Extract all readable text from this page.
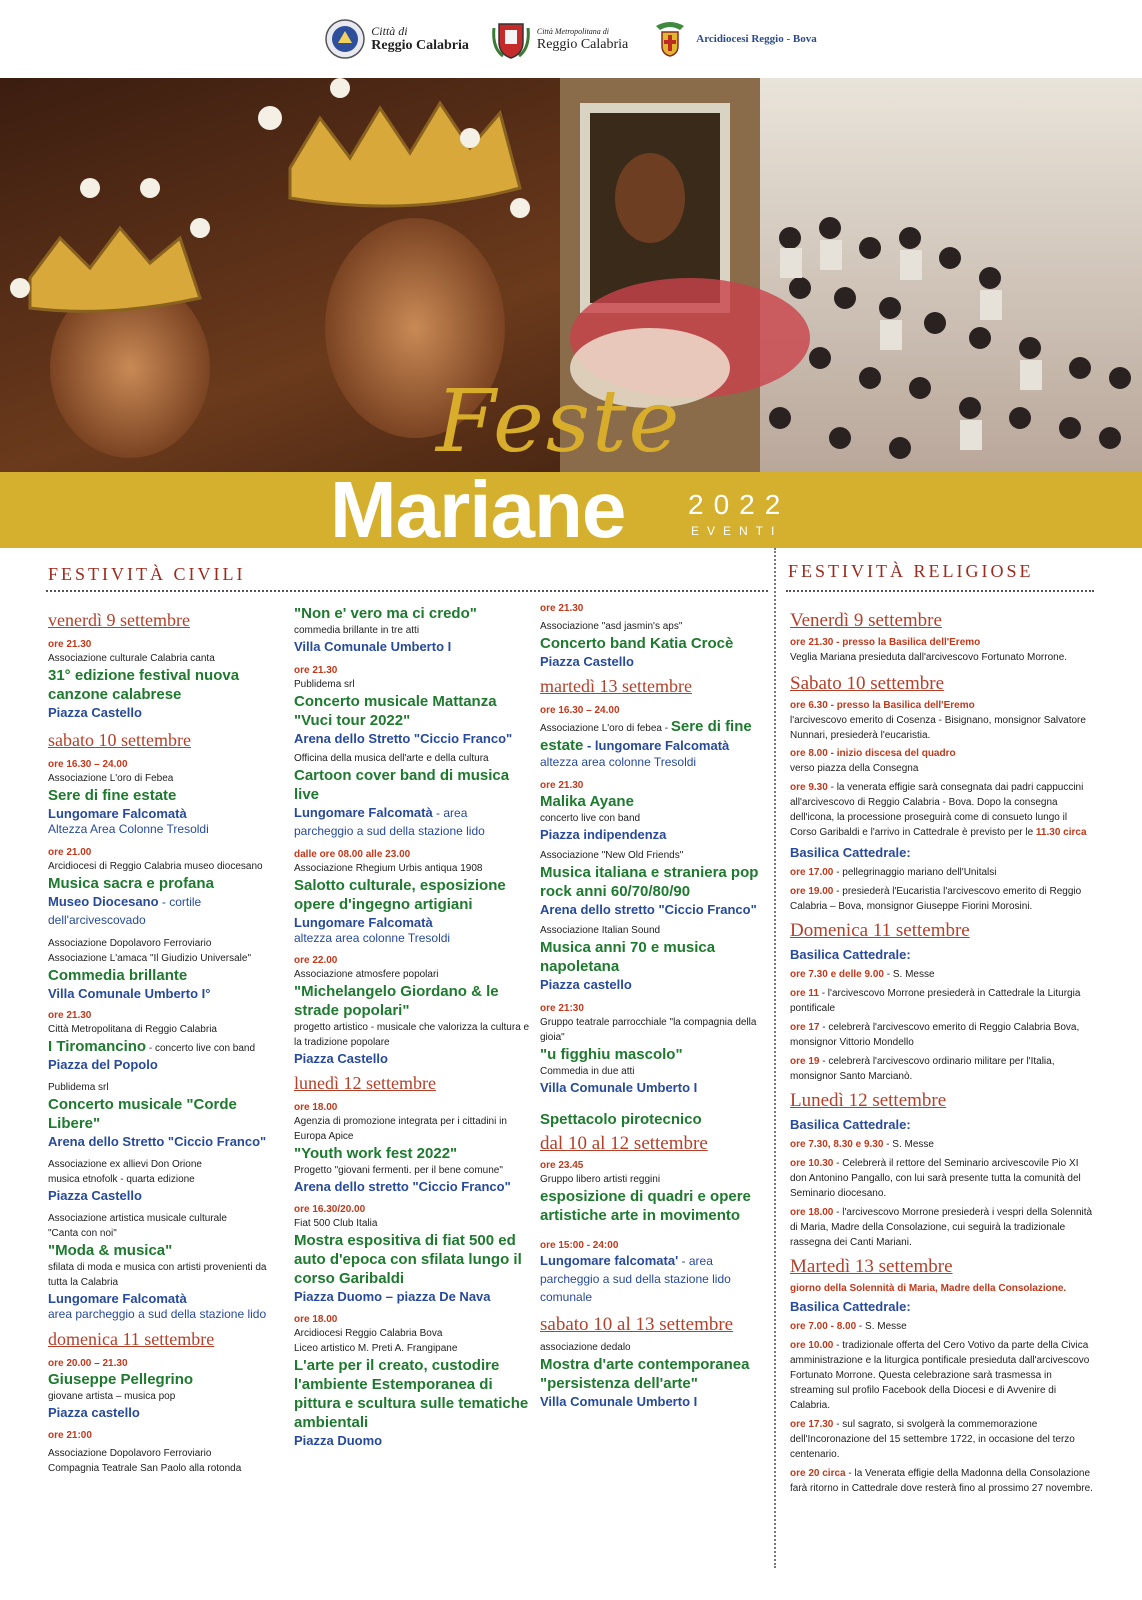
Città di
Reggio Calabria
Città Metropolitana di
Reggio Calabria	Arcidiocesi Reggio - Bova
Feste
Mariane 2022
EVENTI
FESTIVITÀ CIVILI	FESTIVITÀ RELIGIOSE
venerdì 9 settembre
ore 21.30
Associazione culturale Calabria canta
31° edizione festival nuova canzone calabrese
Piazza Castello
sabato 10 settembre
ore 16.30 – 24.00
Associazione L'oro di Febea
Sere di fine estate
Lungomare Falcomatà
Altezza Area Colonne Tresoldi
ore 21.00
Arcidiocesi di Reggio Calabria museo diocesano
Musica sacra e profana
Museo Diocesano - cortile dell'arcivescovado
Associazione Dopolavoro Ferroviario
Associazione L'amaca "Il Giudizio Universale"
Commedia brillante
Villa Comunale Umberto I°
ore 21.30
Città Metropolitana di Reggio Calabria
I Tiromancino - concerto live con band
Piazza del Popolo
Publidema srl
Concerto musicale "Corde Libere"
Arena dello Stretto "Ciccio Franco"
Associazione ex allievi Don Orione
musica etnofolk - quarta edizione
Piazza Castello
Associazione artistica musicale culturale
"Canta con noi"
"Moda & musica"
sfilata di moda e musica con artisti provenienti da tutta la Calabria
Lungomare Falcomatà
area parcheggio a sud della stazione lido
domenica 11 settembre
ore 20.00 – 21.30
Giuseppe Pellegrino
giovane artista – musica pop
Piazza castello
ore 21:00
Associazione Dopolavoro Ferroviario
Compagnia Teatrale San Paolo alla rotonda
"Non e' vero ma ci credo"
commedia brillante in tre atti
Villa Comunale Umberto I
ore 21.30
Publidema srl
Concerto musicale Mattanza "Vuci tour 2022"
Arena dello Stretto "Ciccio Franco"
Officina della musica dell'arte e della cultura
Cartoon cover band di musica live
Lungomare Falcomatà - area parcheggio a sud della stazione lido
dalle ore 08.00 alle 23.00
Associazione Rhegium Urbis antiqua 1908
Salotto culturale, esposizione opere d'ingegno artigiani
Lungomare Falcomatà
altezza area colonne Tresoldi
ore 22.00
Associazione atmosfere popolari
"Michelangelo Giordano & le strade popolari"
progetto artistico - musicale che valorizza la cultura e la tradizione popolare
Piazza Castello
lunedì 12 settembre
ore 18.00
Agenzia di promozione integrata per i cittadini in Europa Apice
"Youth work fest 2022"
Progetto "giovani fermenti. per il bene comune"
Arena dello stretto "Ciccio Franco"
ore 16.30/20.00
Fiat 500 Club Italia
Mostra espositiva di fiat 500 ed auto d'epoca con sfilata lungo il corso Garibaldi
Piazza Duomo – piazza De Nava
ore 18.00
Arcidiocesi Reggio Calabria Bova
Liceo artistico M. Preti A. Frangipane
L'arte per il creato, custodire l'ambiente Estemporanea di pittura e scultura sulle tematiche ambientali
Piazza Duomo
ore 21.30
Associazione "asd jasmin's aps"
Concerto band Katia Crocè
Piazza Castello
martedì 13 settembre
ore 16.30 – 24.00
Associazione L'oro di febea - Sere di fine estate - lungomare Falcomatà
altezza area colonne Tresoldi
ore 21.30
Malika Ayane
concerto live con band
Piazza indipendenza
Associazione "New Old Friends"
Musica italiana e straniera pop rock anni 60/70/80/90
Arena dello stretto "Ciccio Franco"
Associazione Italian Sound
Musica anni 70 e musica napoletana
Piazza castello
ore 21:30
Gruppo teatrale parrocchiale "la compagnia della gioia"
"u figghiu mascolo"
Commedia in due atti
Villa Comunale Umberto I
Spettacolo pirotecnico
dal 10 al 12 settembre
ore 23.45
Gruppo libero artisti reggini
esposizione di quadri e opere artistiche arte in movimento
ore 15:00 - 24:00
Lungomare falcomata' - area parcheggio a sud della stazione lido comunale
sabato 10 al 13 settembre
associazione dedalo
Mostra d'arte contemporanea "persistenza dell'arte"
Villa Comunale Umberto I
Venerdì 9 settembre
ore 21.30 - presso la Basilica dell'Eremo
Veglia Mariana presieduta dall'arcivescovo Fortunato Morrone.
Sabato 10 settembre
ore 6.30 - presso la Basilica dell'Eremo
l'arcivescovo emerito di Cosenza - Bisignano, monsignor Salvatore Nunnari, presiederà l'eucaristia.
ore 8.00 - inizio discesa del quadro
verso piazza della Consegna
ore 9.30 - la venerata effigie sarà consegnata dai padri cappuccini all'arcivescovo di Reggio Calabria - Bova. Dopo la consegna dell'icona, la processione proseguirà come di consueto lungo il Corso Garibaldi e l'arrivo in Cattedrale è previsto per le 11.30 circa
Basilica Cattedrale:
ore 17.00 - pellegrinaggio mariano dell'Unitalsi
ore 19.00 - presiederà l'Eucaristia l'arcivescovo emerito di Reggio Calabria – Bova, monsignor Giuseppe Fiorini Morosini.
Domenica 11 settembre
Basilica Cattedrale:
ore 7.30 e delle 9.00 - S. Messe
ore 11 - l'arcivescovo Morrone presiederà in Cattedrale la Liturgia pontificale
ore 17 - celebrerà l'arcivescovo emerito di Reggio Calabria Bova, monsignor Vittorio Mondello
ore 19 - celebrerà l'arcivescovo ordinario militare per l'Italia, monsignor Santo Marcianò.
Lunedì 12 settembre
Basilica Cattedrale:
ore 7.30, 8.30 e 9.30 - S. Messe
ore 10.30 - Celebrerà il rettore del Seminario arcivescovile Pio XI don Antonino Pangallo, con lui sarà presente tutta la comunità del Seminario diocesano.
ore 18.00 - l'arcivescovo Morrone presiederà i vespri della Solennità di Maria, Madre della Consolazione, cui seguirà la tradizionale rassegna dei Canti Mariani.
Martedì 13 settembre
giorno della Solennità di Maria, Madre della Consolazione.
Basilica Cattedrale:
ore 7.00 - 8.00 - S. Messe
ore 10.00 - tradizionale offerta del Cero Votivo da parte della Civica amministrazione e la liturgica pontificale presieduta dall'arcivescovo Fortunato Morrone. Questa celebrazione sarà trasmessa in streaming sul profilo Facebook della Diocesi e di Avvenire di Calabria.
ore 17.30 - sul sagrato, si svolgerà la commemorazione dell'Incoronazione del 15 settembre 1722, in occasione del terzo centenario.
ore 20 circa - la Venerata effigie della Madonna della Consolazione farà ritorno in Cattedrale dove resterà fino al prossimo 27 novembre.
